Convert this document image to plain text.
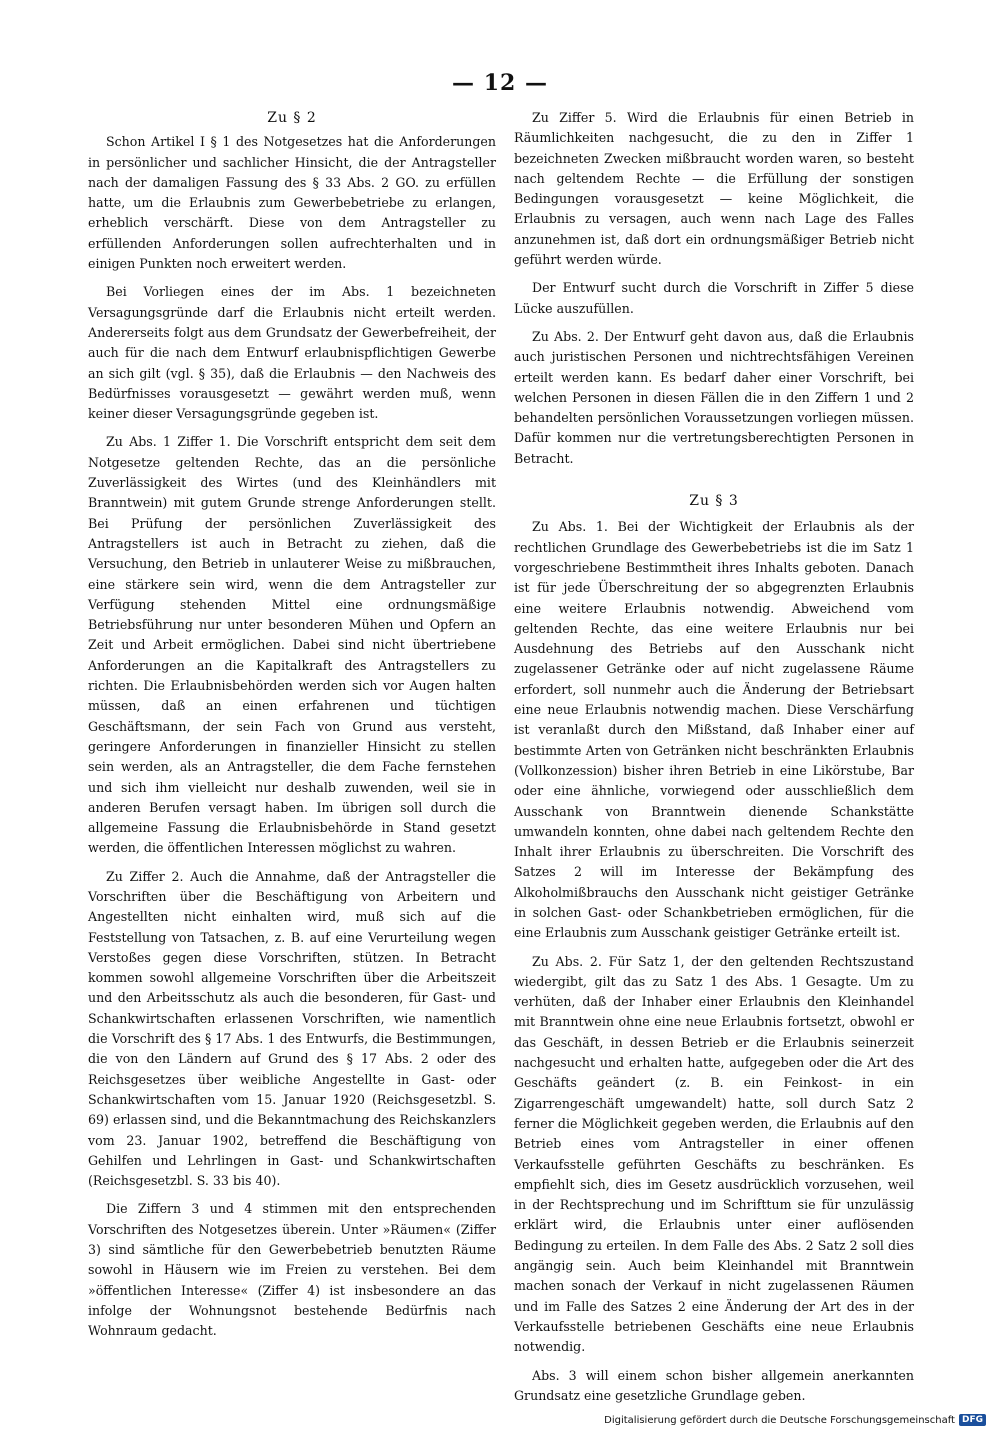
— 12 —
Zu § 2

Schon Artikel I § 1 des Notgesetzes hat die Anforderungen in persönlicher und sachlicher Hinsicht, die der Antragsteller nach der damaligen Fassung des § 33 Abs. 2 GO. zu erfüllen hatte, um die Erlaubnis zum Gewerbebetriebe zu erlangen, erheblich verschärft. Diese von dem Antragsteller zu erfüllenden Anforderungen sollen aufrechterhalten und in einigen Punkten noch erweitert werden.

Bei Vorliegen eines der im Abs. 1 bezeichneten Versagungsgründe darf die Erlaubnis nicht erteilt werden. Andererseits folgt aus dem Grundsatz der Gewerbefreiheit, der auch für die nach dem Entwurf erlaubnispflichtigen Gewerbe an sich gilt (vgl. § 35), daß die Erlaubnis — den Nachweis des Bedürfnisses vorausgesetzt — gewährt werden muß, wenn keiner dieser Versagungsgründe gegeben ist.

Zu Abs. 1 Ziffer 1. Die Vorschrift entspricht dem seit dem Notgesetze geltenden Rechte, das an die persönliche Zuverlässigkeit des Wirtes (und des Kleinhändlers mit Branntwein) mit gutem Grunde strenge Anforderungen stellt. Bei Prüfung der persönlichen Zuverlässigkeit des Antragstellers ist auch in Betracht zu ziehen, daß die Versuchung, den Betrieb in unlauterer Weise zu mißbrauchen, eine stärkere sein wird, wenn die dem Antragsteller zur Verfügung stehenden Mittel eine ordnungsmäßige Betriebsführung nur unter besonderen Mühen und Opfern an Zeit und Arbeit ermöglichen. Dabei sind nicht übertriebene Anforderungen an die Kapitalkraft des Antragstellers zu richten. Die Erlaubnisbehörden werden sich vor Augen halten müssen, daß an einen erfahrenen und tüchtigen Geschäftsmann, der sein Fach von Grund aus versteht, geringere Anforderungen in finanzieller Hinsicht zu stellen sein werden, als an Antragsteller, die dem Fache fernstehen und sich ihm vielleicht nur deshalb zuwenden, weil sie in anderen Berufen versagt haben. Im übrigen soll durch die allgemeine Fassung die Erlaubnisbehörde in Stand gesetzt werden, die öffentlichen Interessen möglichst zu wahren.

Zu Ziffer 2. Auch die Annahme, daß der Antragsteller die Vorschriften über die Beschäftigung von Arbeitern und Angestellten nicht einhalten wird, muß sich auf die Feststellung von Tatsachen, z. B. auf eine Verurteilung wegen Verstoßes gegen diese Vorschriften, stützen. In Betracht kommen sowohl allgemeine Vorschriften über die Arbeitszeit und den Arbeitsschutz als auch die besonderen, für Gast- und Schankwirtschaften erlassenen Vorschriften, wie namentlich die Vorschrift des § 17 Abs. 1 des Entwurfs, die Bestimmungen, die von den Ländern auf Grund des § 17 Abs. 2 oder des Reichsgesetzes über weibliche Angestellte in Gast- oder Schankwirtschaften vom 15. Januar 1920 (Reichsgesetzbl. S. 69) erlassen sind, und die Bekanntmachung des Reichskanzlers vom 23. Januar 1902, betreffend die Beschäftigung von Gehilfen und Lehrlingen in Gast- und Schankwirtschaften (Reichsgesetzbl. S. 33 bis 40).

Die Ziffern 3 und 4 stimmen mit den entsprechenden Vorschriften des Notgesetzes überein. Unter »Räumen« (Ziffer 3) sind sämtliche für den Gewerbebetrieb benutzten Räume sowohl in Häusern wie im Freien zu verstehen. Bei dem »öffentlichen Interesse« (Ziffer 4) ist insbesondere an das infolge der Wohnungsnot bestehende Bedürfnis nach Wohnraum gedacht.

Zu Ziffer 5. Wird die Erlaubnis für einen Betrieb in Räumlichkeiten nachgesucht, die zu den in Ziffer 1 bezeichneten Zwecken mißbraucht worden waren, so besteht nach geltendem Rechte — die Erfüllung der sonstigen Bedingungen vorausgesetzt — keine Möglichkeit, die Erlaubnis zu versagen, auch wenn nach Lage des Falles anzunehmen ist, daß dort ein ordnungsmäßiger Betrieb nicht geführt werden würde.

Der Entwurf sucht durch die Vorschrift in Ziffer 5 diese Lücke auszufüllen.

Zu Abs. 2. Der Entwurf geht davon aus, daß die Erlaubnis auch juristischen Personen und nichtrechtsfähigen Vereinen erteilt werden kann. Es bedarf daher einer Vorschrift, bei welchen Personen in diesen Fällen die in den Ziffern 1 und 2 behandelten persönlichen Voraussetzungen vorliegen müssen. Dafür kommen nur die vertretungsberechtigten Personen in Betracht.

Zu § 3

Zu Abs. 1. Bei der Wichtigkeit der Erlaubnis als der rechtlichen Grundlage des Gewerbebetriebs ist die im Satz 1 vorgeschriebene Bestimmtheit ihres Inhalts geboten. Danach ist für jede Überschreitung der so abgegrenzten Erlaubnis eine weitere Erlaubnis notwendig. Abweichend vom geltenden Rechte, das eine weitere Erlaubnis nur bei Ausdehnung des Betriebs auf den Ausschank nicht zugelassener Getränke oder auf nicht zugelassene Räume erfordert, soll nunmehr auch die Änderung der Betriebsart eine neue Erlaubnis notwendig machen. Diese Verschärfung ist veranlaßt durch den Mißstand, daß Inhaber einer auf bestimmte Arten von Getränken nicht beschränkten Erlaubnis (Vollkonzession) bisher ihren Betrieb in eine Likörstube, Bar oder eine ähnliche, vorwiegend oder ausschließlich dem Ausschank von Branntwein dienende Schankstätte umwandeln konnten, ohne dabei nach geltendem Rechte den Inhalt ihrer Erlaubnis zu überschreiten. Die Vorschrift des Satzes 2 will im Interesse der Bekämpfung des Alkoholmißbrauchs den Ausschank nicht geistiger Getränke in solchen Gast- oder Schankbetrieben ermöglichen, für die eine Erlaubnis zum Ausschank geistiger Getränke erteilt ist.

Zu Abs. 2. Für Satz 1, der den geltenden Rechtszustand wiedergibt, gilt das zu Satz 1 des Abs. 1 Gesagte. Um zu verhüten, daß der Inhaber einer Erlaubnis den Kleinhandel mit Branntwein ohne eine neue Erlaubnis fortsetzt, obwohl er das Geschäft, in dessen Betrieb er die Erlaubnis seinerzeit nachgesucht und erhalten hatte, aufgegeben oder die Art des Geschäfts geändert (z. B. ein Feinkost- in ein Zigarrengeschäft umgewandelt) hatte, soll durch Satz 2 ferner die Möglichkeit gegeben werden, die Erlaubnis auf den Betrieb eines vom Antragsteller in einer offenen Verkaufsstelle geführten Geschäfts zu beschränken. Es empfiehlt sich, dies im Gesetz ausdrücklich vorzusehen, weil in der Rechtsprechung und im Schrifttum sie für unzulässig erklärt wird, die Erlaubnis unter einer auflösenden Bedingung zu erteilen. In dem Falle des Abs. 2 Satz 2 soll dies angängig sein. Auch beim Kleinhandel mit Branntwein machen sonach der Verkauf in nicht zugelassenen Räumen und im Falle des Satzes 2 eine Änderung der Art des in der Verkaufsstelle betriebenen Geschäfts eine neue Erlaubnis notwendig.

Abs. 3 will einem schon bisher allgemein anerkannten Grundsatz eine gesetzliche Grundlage geben.

Digitalisierung gefördert durch die Deutsche Forschungsgemeinschaft DFG
